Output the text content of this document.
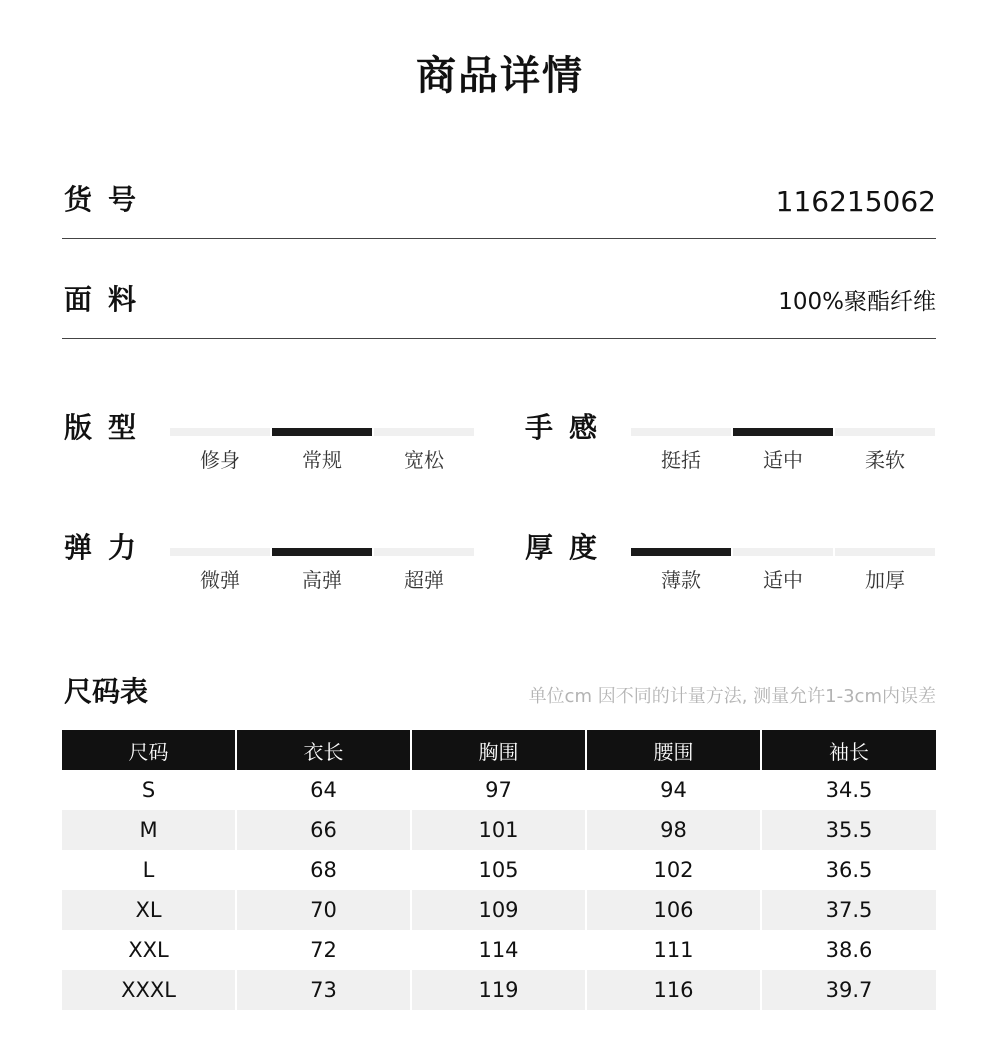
商品详情
货号	116215062
面料	100%聚酯纤维
版型
修身	常规	宽松
手感
挺括	适中	柔软
弹力
微弹	高弹	超弹
厚度
薄款	适中	加厚
尺码表	单位cm 因不同的计量方法, 测量允许1-3cm内误差
尺码	衣长	胸围	腰围	袖长
S	64	97	94	34.5
M	66	101	98	35.5
L	68	105	102	36.5
XL	70	109	106	37.5
XXL	72	114	111	38.6
XXXL	73	119	116	39.7
